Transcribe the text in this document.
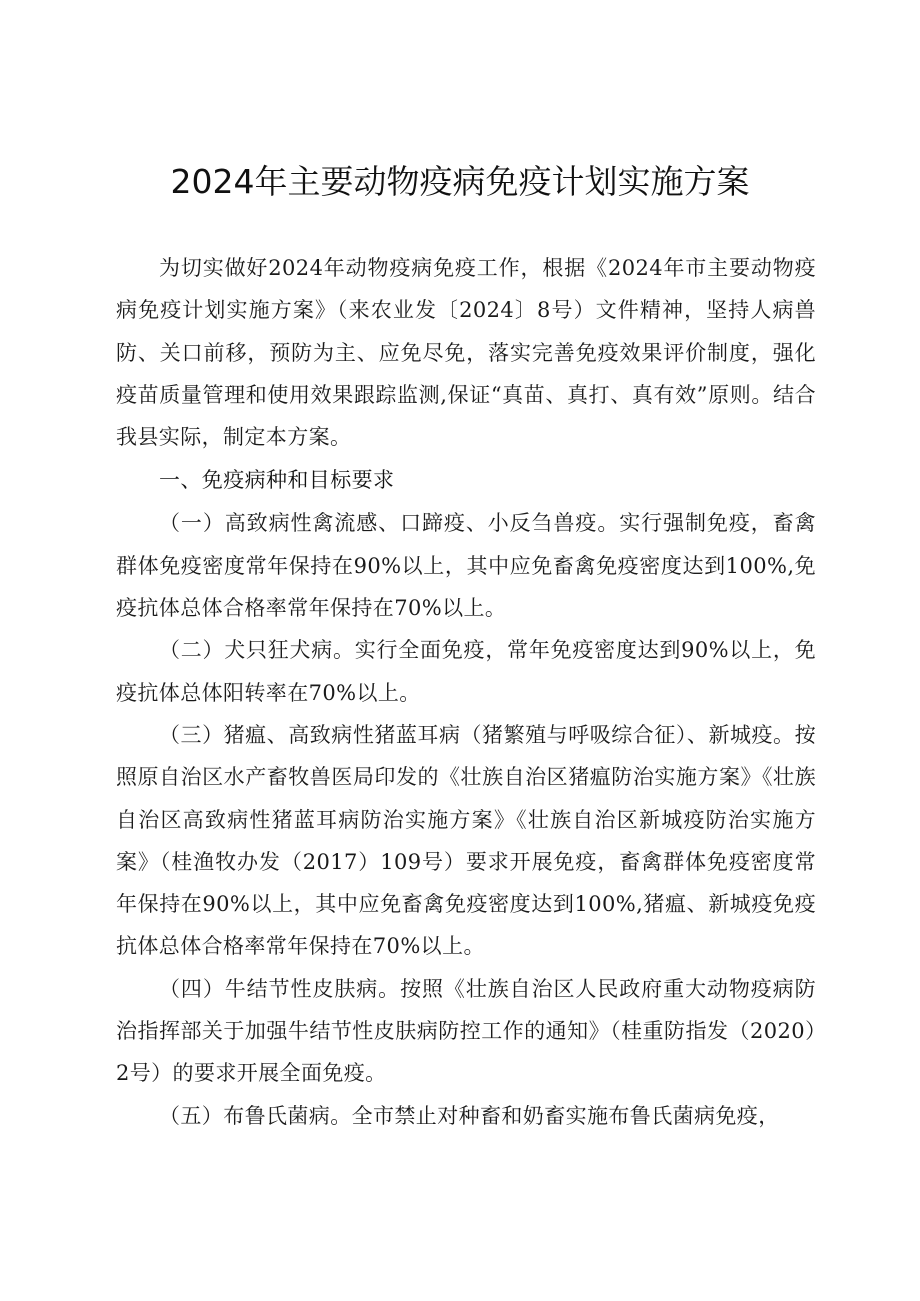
2024年主要动物疫病免疫计划实施方案

为切实做好2024年动物疫病免疫工作，根据《2024年市主要动物疫病免疫计划实施方案》（来农业发〔2024〕8号）文件精神，坚持人病兽防、关口前移，预防为主、应免尽免，落实完善免疫效果评价制度，强化疫苗质量管理和使用效果跟踪监测,保证“真苗、真打、真有效”原则。结合我县实际，制定本方案。

一、免疫病种和目标要求

（一）高致病性禽流感、口蹄疫、小反刍兽疫。实行强制免疫，畜禽群体免疫密度常年保持在90%以上，其中应免畜禽免疫密度达到100%,免疫抗体总体合格率常年保持在70%以上。

（二）犬只狂犬病。实行全面免疫，常年免疫密度达到90%以上，免疫抗体总体阳转率在70%以上。

（三）猪瘟、高致病性猪蓝耳病（猪繁殖与呼吸综合征）、新城疫。按照原自治区水产畜牧兽医局印发的《壮族自治区猪瘟防治实施方案》《壮族自治区高致病性猪蓝耳病防治实施方案》《壮族自治区新城疫防治实施方案》（桂渔牧办发（2017）109号）要求开展免疫，畜禽群体免疫密度常年保持在90%以上，其中应免畜禽免疫密度达到100%,猪瘟、新城疫免疫抗体总体合格率常年保持在70%以上。

（四）牛结节性皮肤病。按照《壮族自治区人民政府重大动物疫病防治指挥部关于加强牛结节性皮肤病防控工作的通知》（桂重防指发（2020）2号）的要求开展全面免疫。

（五）布鲁氏菌病。全市禁止对种畜和奶畜实施布鲁氏菌病免疫，
